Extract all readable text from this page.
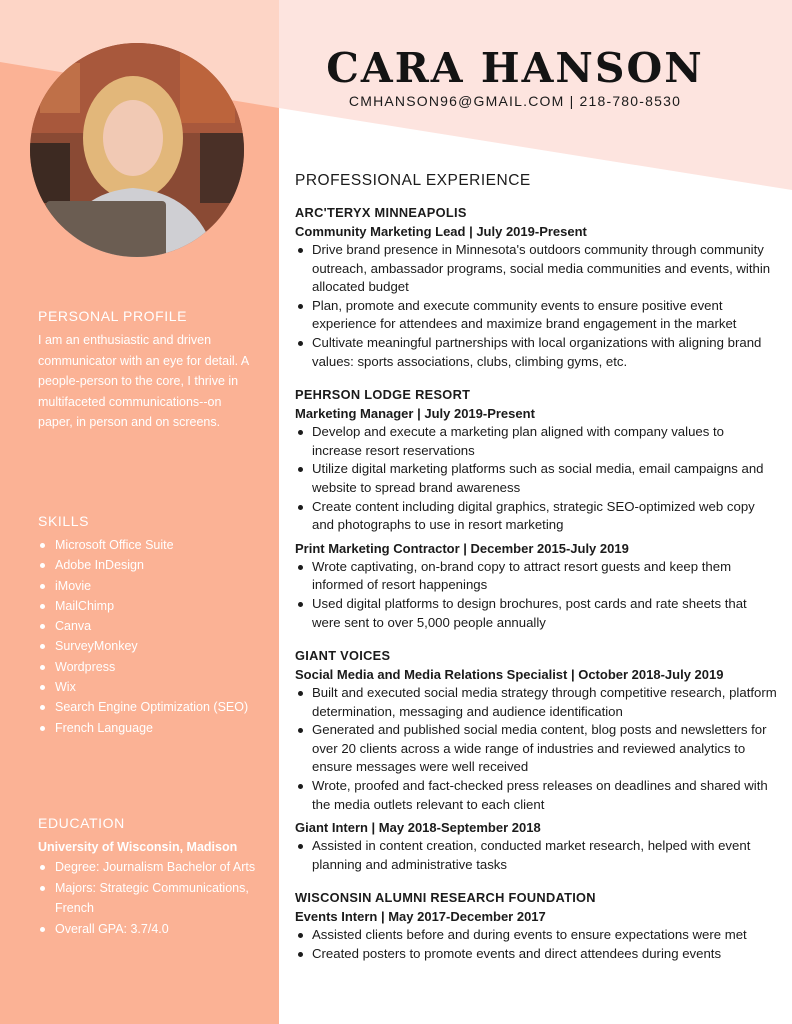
PERSONAL PROFILE
I am an enthusiastic and driven communicator with an eye for detail. A people-person to the core, I thrive in multifaceted communications--on paper, in person and on screens.
SKILLS
Microsoft Office Suite
Adobe InDesign
iMovie
MailChimp
Canva
SurveyMonkey
Wordpress
Wix
Search Engine Optimization (SEO)
French Language
EDUCATION
University of Wisconsin, Madison
Degree: Journalism Bachelor of Arts
Majors: Strategic Communications, French
Overall GPA: 3.7/4.0
CARA HANSON
CMHANSON96@GMAIL.COM | 218-780-8530
PROFESSIONAL EXPERIENCE
ARC'TERYX MINNEAPOLIS
Community Marketing Lead | July 2019-Present
Drive brand presence in Minnesota's outdoors community through community outreach, ambassador programs, social media communities and events, within allocated budget
Plan, promote and execute community events to ensure positive event experience for attendees and maximize brand engagement in the market
Cultivate meaningful partnerships with local organizations with aligning brand values: sports associations, clubs, climbing gyms, etc.
PEHRSON LODGE RESORT
Marketing Manager | July 2019-Present
Develop and execute a marketing plan aligned with company values to increase resort reservations
Utilize digital marketing platforms such as social media, email campaigns and website to spread brand awareness
Create content including digital graphics, strategic SEO-optimized web copy and photographs to use in resort marketing
Print Marketing Contractor | December 2015-July 2019
Wrote captivating, on-brand copy to attract resort guests and keep them informed of resort happenings
Used digital platforms to design brochures, post cards and rate sheets that were sent to over 5,000 people annually
GIANT VOICES
Social Media and Media Relations Specialist | October 2018-July 2019
Built and executed social media strategy through competitive research, platform determination, messaging and audience identification
Generated and published social media content, blog posts and newsletters for over 20 clients across a wide range of industries and reviewed analytics to ensure messages were well received
Wrote, proofed and fact-checked press releases on deadlines and shared with the media outlets relevant to each client
Giant Intern | May 2018-September 2018
Assisted in content creation, conducted market research, helped with event planning and administrative tasks
WISCONSIN ALUMNI RESEARCH FOUNDATION
Events Intern | May 2017-December 2017
Assisted clients before and during events to ensure expectations were met
Created posters to promote events and direct attendees during events
